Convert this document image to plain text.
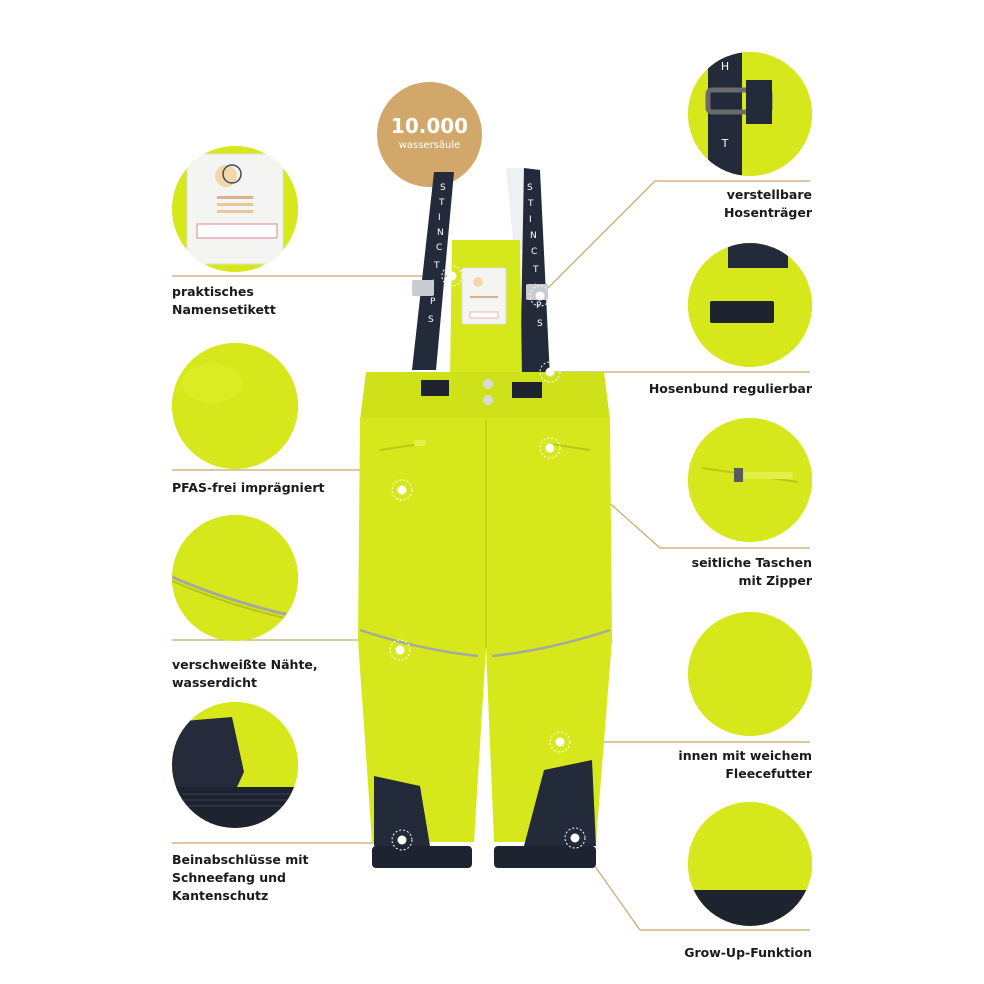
H
T
10.000
wassersäule
S
T
I
N
C
T
P
S
S
T
I
N
C
T
P
S
praktisches
Namensetikett
PFAS-frei imprägniert
verschweißte Nähte,
wasserdicht
Beinabschlüsse mit
Schneefang und
Kantenschutz
verstellbare
Hosenträger
Hosenbund regulierbar
seitliche Taschen
mit Zipper
innen mit weichem
Fleecefutter
Grow-Up-Funktion
